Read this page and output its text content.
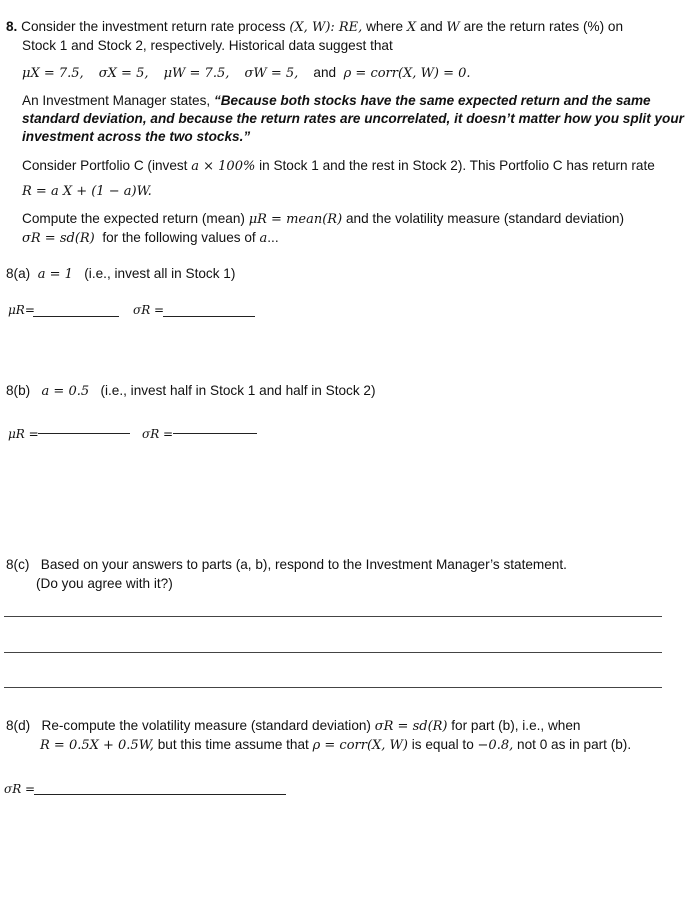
8. Consider the investment return rate process (X, W): RE, where X and W are the return rates (%) on
Stock 1 and Stock 2, respectively. Historical data suggest that
μX = 7.5, σX = 5, μW = 7.5, σW = 5, and ρ = corr(X, W) = 0.
An Investment Manager states, “Because both stocks have the same expected return and the same
standard deviation, and because the return rates are uncorrelated, it doesn’t matter how you split your
investment across the two stocks.”
Consider Portfolio C (invest a × 100% in Stock 1 and the rest in Stock 2). This Portfolio C has return rate
R = a X + (1 − a)W.
Compute the expected return (mean) μR = mean(R) and the volatility measure (standard deviation)
σR = sd(R) for the following values of a...
8(a) a = 1 (i.e., invest all in Stock 1)
μR=	σR =
8(b) a = 0.5 (i.e., invest half in Stock 1 and half in Stock 2)
μR =	σR =
8(c) Based on your answers to parts (a, b), respond to the Investment Manager’s statement.
(Do you agree with it?)
8(d) Re-compute the volatility measure (standard deviation) σR = sd(R) for part (b), i.e., when
R = 0.5X + 0.5W, but this time assume that ρ = corr(X, W) is equal to −0.8, not 0 as in part (b).
σR =
